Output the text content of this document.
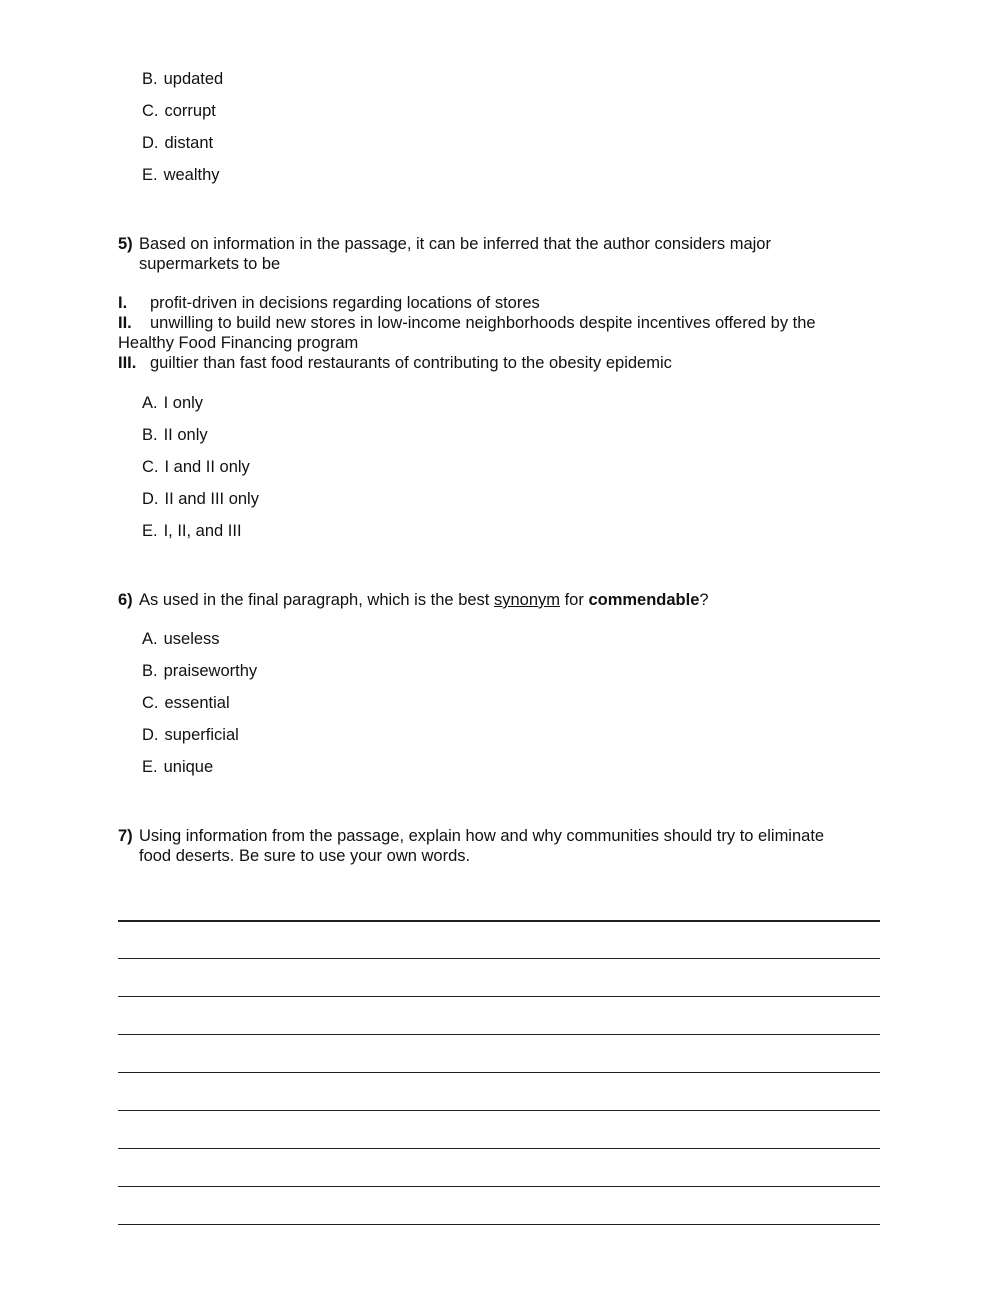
B. updated
C. corrupt
D. distant
E. wealthy
5) Based on information in the passage, it can be inferred that the author considers major
supermarkets to be
I. profit-driven in decisions regarding locations of stores
II. unwilling to build new stores in low-income neighborhoods despite incentives offered by the
Healthy Food Financing program
III. guiltier than fast food restaurants of contributing to the obesity epidemic
A. I only
B. II only
C. I and II only
D. II and III only
E. I, II, and III
6) As used in the final paragraph, which is the best synonym for commendable?
A. useless
B. praiseworthy
C. essential
D. superficial
E. unique
7) Using information from the passage, explain how and why communities should try to eliminate
food deserts. Be sure to use your own words.
